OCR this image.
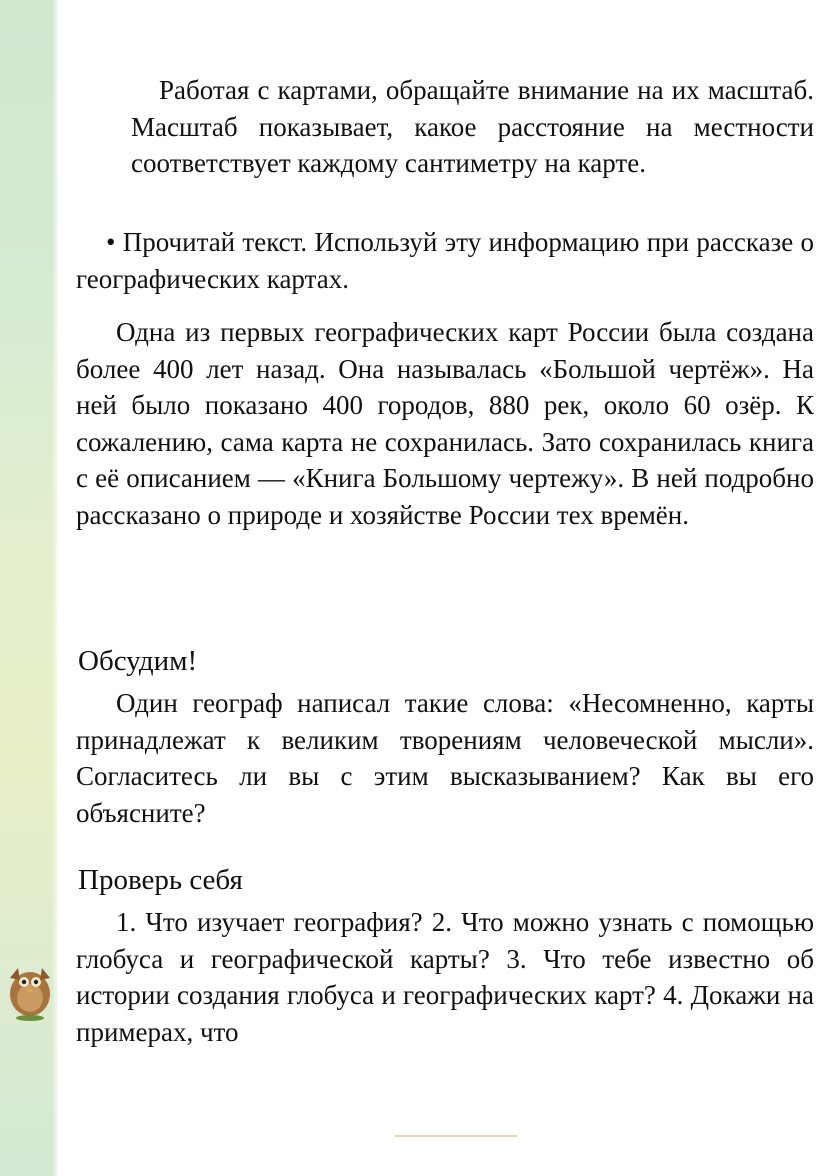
Работая с картами, обращайте внимание на их масштаб. Масштаб показывает, какое расстояние на местности соответствует каждому сантиметру на карте.

• Прочитай текст. Используй эту информацию при рассказе о географических картах.

Одна из первых географических карт России была создана более 400 лет назад. Она называлась «Большой чертёж». На ней было показано 400 городов, 880 рек, около 60 озёр. К сожалению, сама карта не сохранилась. Зато сохранилась книга с её описанием — «Книга Большому чертежу». В ней подробно рассказано о природе и хозяйстве России тех времён.

Обсудим!

Один географ написал такие слова: «Несомненно, карты принадлежат к великим творениям человеческой мысли». Согласитесь ли вы с этим высказыванием? Как вы его объясните?

Проверь себя

1. Что изучает география? 2. Что можно узнать с помощью глобуса и географической карты? 3. Что тебе известно об истории создания глобуса и географических карт? 4. Докажи на примерах, что
